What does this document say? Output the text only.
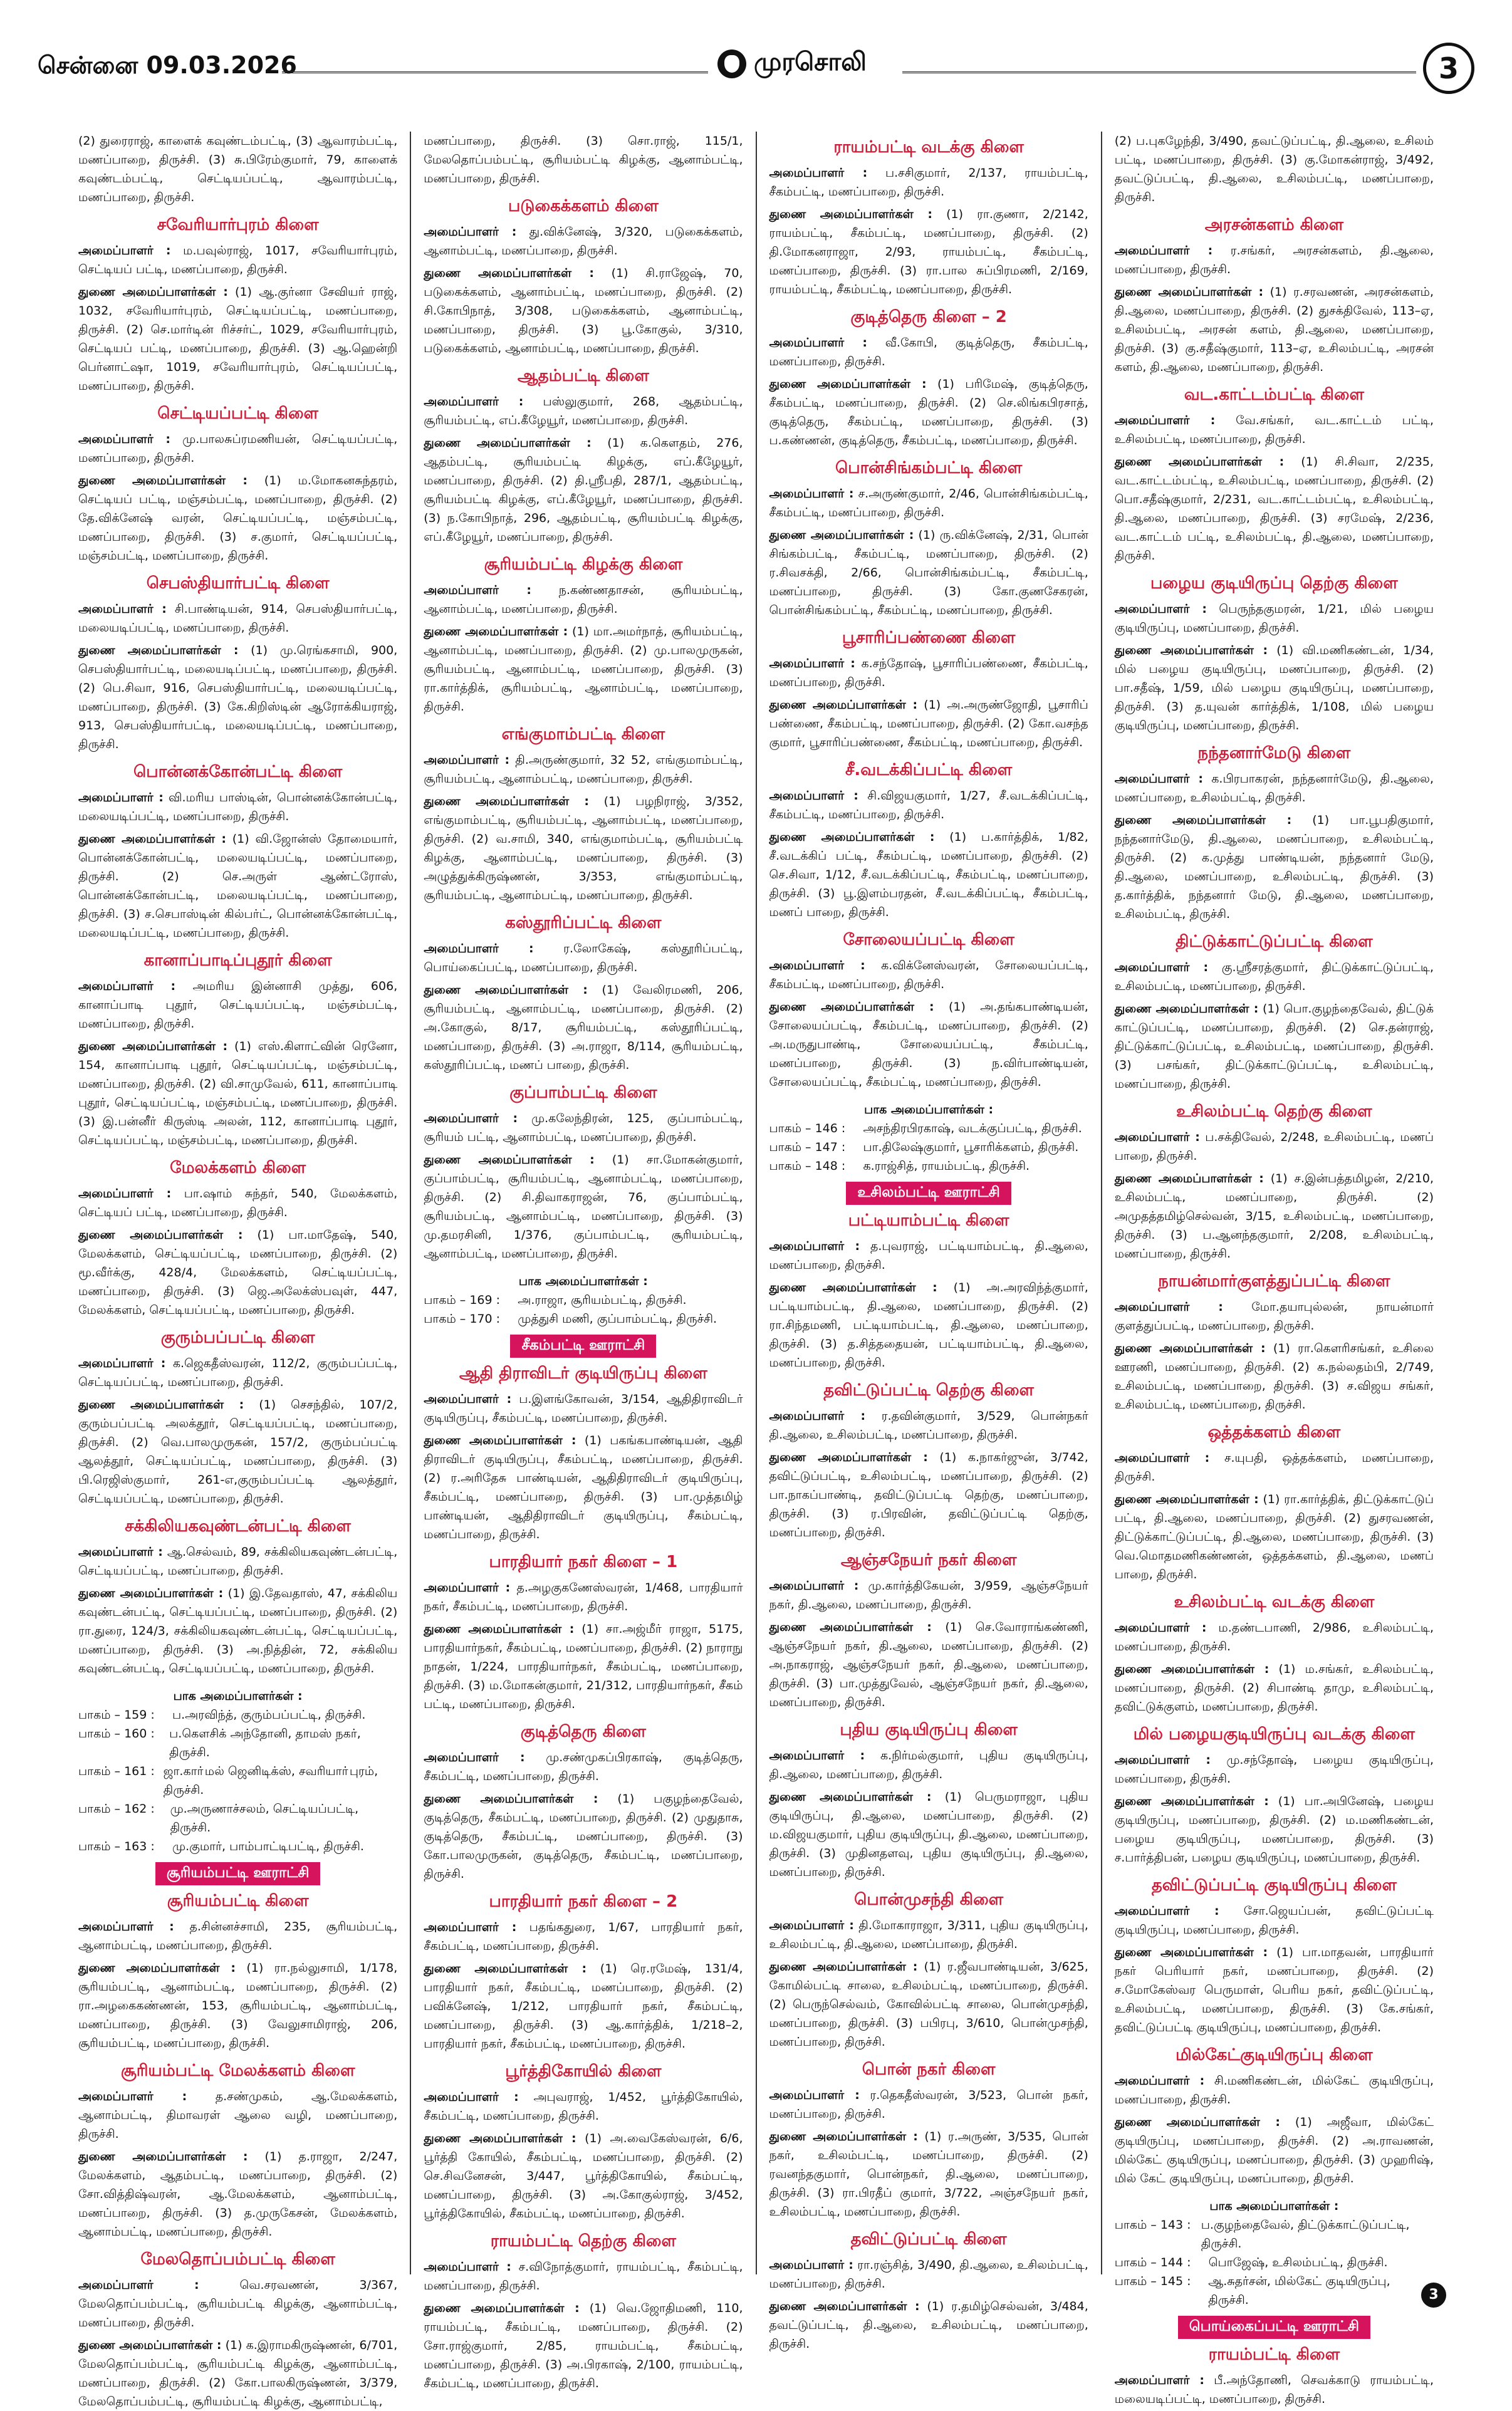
சென்னை 09.03.2026	முரசொலி	3
(2) துரைராஜ், காளைக் கவுண்டம்பட்டி, (3) ஆவாரம்பட்டி, மணப்பாறை, திருச்சி. (3) சு.பிரேம்குமார், 79, காளைக் கவுண்டம்பட்டி, செட்டியப்பட்டி, ஆவாரம்பட்டி, மணப்பாறை, திருச்சி.
சவேரியார்புரம் கிளை
அமைப்பாளர் : ம.பவுல்ராஜ், 1017, சவேரியார்புரம், செட்டியப் பட்டி, மணப்பாறை, திருச்சி.
துணை அமைப்பாளர்கள் : (1) ஆ.குர்னா சேவியர் ராஜ், 1032, சவேரியார்புரம், செட்டியப்பட்டி, மணப்பாறை, திருச்சி. (2) செ.மார்டின் ரிச்சர்ட், 1029, சவேரியார்புரம், செட்டியப் பட்டி, மணப்பாறை, திருச்சி. (3) ஆ.ஹென்றி பெர்னாட்ஷா, 1019, சவேரியார்புரம், செட்டியப்பட்டி, மணப்பாறை, திருச்சி.
செட்டியப்பட்டி கிளை
அமைப்பாளர் : மு.பாலசுப்ரமணியன், செட்டியப்பட்டி, மணப்பாறை, திருச்சி.
துணை அமைப்பாளர்கள் : (1) ம.மோகனசுந்தரம், செட்டியப் பட்டி, மஞ்சம்பட்டி, மணப்பாறை, திருச்சி. (2) தே.விக்னேஷ் வரன், செட்டியப்பட்டி, மஞ்சம்பட்டி, மணப்பாறை, திருச்சி. (3) ச.குமார், செட்டியப்பட்டி, மஞ்சம்பட்டி, மணப்பாறை, திருச்சி.
செபஸ்தியார்பட்டி கிளை
அமைப்பாளர் : சி.பாண்டியன், 914, செபஸ்தியார்பட்டி, மலையடிப்பட்டி, மணப்பாறை, திருச்சி.
துணை அமைப்பாளர்கள் : (1) மு.ரெங்கசாமி, 900, செபஸ்தியார்பட்டி, மலையடிப்பட்டி, மணப்பாறை, திருச்சி. (2) பெ.சிவா, 916, செபஸ்தியார்பட்டி, மலையடிப்பட்டி, மணப்பாறை, திருச்சி. (3) கே.கிறிஸ்டின் ஆரோக்கியராஜ், 913, செபஸ்தியார்பட்டி, மலையடிப்பட்டி, மணப்பாறை, திருச்சி.
பொன்னக்கோன்பட்டி கிளை
அமைப்பாளர் : வி.மரிய பாஸ்டின், பொன்னக்கோன்பட்டி, மலையடிப்பட்டி, மணப்பாறை, திருச்சி.
துணை அமைப்பாளர்கள் : (1) வி.ஜோன்ஸ் தோமையார், பொன்னக்கோன்பட்டி, மலையடிப்பட்டி, மணப்பாறை, திருச்சி. (2) செ.அருள் ஆண்ட்ரோஸ், பொன்னக்கோன்பட்டி, மலையடிப்பட்டி, மணப்பாறை, திருச்சி. (3) ச.செபாஸ்டின் கில்பர்ட், பொன்னக்கோன்பட்டி, மலையடிப்பட்டி, மணப்பாறை, திருச்சி.
கானாப்பாடிப்புதூர் கிளை
அமைப்பாளர் : அமரிய இன்னாசி முத்து, 606, கானாப்பாடி புதூர், செட்டியப்பட்டி, மஞ்சம்பட்டி, மணப்பாறை, திருச்சி.
துணை அமைப்பாளர்கள் : (1) எஸ்.கிளாட்வின் ரெனோ, 154, கானாப்பாடி புதூர், செட்டியப்பட்டி, மஞ்சம்பட்டி, மணப்பாறை, திருச்சி. (2) வி.சாமுவேல், 611, கானாப்பாடி புதூர், செட்டியப்பட்டி, மஞ்சம்பட்டி, மணப்பாறை, திருச்சி. (3) இ.பன்னீர் கிருஸ்டி அலன், 112, கானாப்பாடி புதூர், செட்டியப்பட்டி, மஞ்சம்பட்டி, மணப்பாறை, திருச்சி.
மேலக்களம் கிளை
அமைப்பாளர் : பா.ஷாம் சுந்தர், 540, மேலக்களம், செட்டியப் பட்டி, மணப்பாறை, திருச்சி.
துணை அமைப்பாளர்கள் : (1) பா.மாதேஷ், 540, மேலக்களம், செட்டியப்பட்டி, மணப்பாறை, திருச்சி. (2) மூ.வீர்க்கு, 428/4, மேலக்களம், செட்டியப்பட்டி, மணப்பாறை, திருச்சி. (3) ஜெ.அலேக்ஸ்பவுள், 447, மேலக்களம், செட்டியப்பட்டி, மணப்பாறை, திருச்சி.
குரும்பப்பட்டி கிளை
அமைப்பாளர் : க.ஜெகதீஸ்வரன், 112/2, குரும்பப்பட்டி, செட்டியப்பட்டி, மணப்பாறை, திருச்சி.
துணை அமைப்பாளர்கள் : (1) செசந்தில், 107/2, குரும்பப்பட்டி அலக்தூர், செட்டியப்பட்டி, மணப்பாறை, திருச்சி. (2) வெ.பாலமுருகன், 157/2, குரும்பப்பட்டி ஆலத்தூர், செட்டியப்பட்டி, மணப்பாறை, திருச்சி. (3) பி.ரெஜிஸ்குமார், 261-எ,குரும்பப்பட்டி ஆலத்தூர், செட்டியப்பட்டி, மணப்பாறை, திருச்சி.
சக்கிலியகவுண்டன்பட்டி கிளை
அமைப்பாளர் : ஆ.செல்வம், 89, சக்கிலியகவுண்டன்பட்டி, செட்டியப்பட்டி, மணப்பாறை, திருச்சி.
துணை அமைப்பாளர்கள் : (1) இ.தேவதாஸ், 47, சக்கிலிய கவுண்டன்பட்டி, செட்டியப்பட்டி, மணப்பாறை, திருச்சி. (2) ரா.துரை, 124/3, சக்கிலியகவுண்டன்பட்டி, செட்டியப்பட்டி, மணப்பாறை, திருச்சி. (3) அ.நித்தின், 72, சக்கிலிய கவுண்டன்பட்டி, செட்டியப்பட்டி, மணப்பாறை, திருச்சி.
பாக அமைப்பாளர்கள் :
பாகம் – 159 :	ப.அரவிந்த், குரும்பப்பட்டி, திருச்சி.
பாகம் – 160 :	ப.கௌசிக் அந்தோனி, தாமஸ் நகர், திருச்சி.
பாகம் – 161 : ஜா.காா்மல் ஜெனிடிக்ஸ், சவரியாா்புரம், திருச்சி.
பாகம் – 162 :	மு.அருணாச்சலம், செட்டியப்பட்டி, திருச்சி.
பாகம் – 163 :	மு.குமார், பாம்பாட்டிபட்டி, திருச்சி.
சூரியம்பட்டி ஊராட்சி
சூரியம்பட்டி கிளை
அமைப்பாளர் : த.சின்னச்சாமி, 235, சூரியம்பட்டி, ஆனாம்பட்டி, மணப்பாறை, திருச்சி.
துணை அமைப்பாளர்கள் : (1) ரா.நல்லுசாமி, 1/178, சூரியம்பட்டி, ஆனாம்பட்டி, மணப்பாறை, திருச்சி. (2) ரா.அழகைகண்ணன், 153, சூரியம்பட்டி, ஆனாம்பட்டி, மணப்பாறை, திருச்சி. (3) வேலுசாமிராஜ், 206, சூரியம்பட்டி, மணப்பாறை, திருச்சி.
சூரியம்பட்டி மேலக்களம் கிளை
அமைப்பாளர் : த.சண்முகம், ஆ.மேலக்களம், ஆனாம்பட்டி, திமாவரள் ஆலை வழி, மணப்பாறை, திருச்சி.
துணை அமைப்பாளர்கள் : (1) த.ராஜா, 2/247, மேலக்களம், ஆதம்பட்டி, மணப்பாறை, திருச்சி. (2) சோ.வித்திஷ்வரன், ஆ.மேலக்களம், ஆனாம்பட்டி, மணப்பாறை, திருச்சி. (3) த.முருகேசன், மேலக்களம், ஆனாம்பட்டி, மணப்பாறை, திருச்சி.
மேலதொப்பம்பட்டி கிளை
அமைப்பாளர் : வெ.சரவணன், 3/367, மேலதொப்பம்பட்டி, சூரியம்பட்டி கிழக்கு, ஆனாம்பட்டி, மணப்பாறை, திருச்சி.
துணை அமைப்பாளர்கள் : (1) க.இராமகிருஷ்ணன், 6/701, மேலதொப்பம்பட்டி, சூரியம்பட்டி கிழக்கு, ஆனாம்பட்டி, மணப்பாறை, திருச்சி. (2) கோ.பாலகிருஷ்ணன், 3/379, மேலதொப்பம்பட்டி, சூரியம்பட்டி கிழக்கு, ஆனாம்பட்டி,
மணப்பாறை, திருச்சி. (3) சொ.ராஜ், 115/1, மேலதொப்பம்பட்டி, சூரியம்பட்டி கிழக்கு, ஆனாம்பட்டி, மணப்பாறை, திருச்சி.
படுகைக்களம் கிளை
அமைப்பாளர் : து.விக்னேஷ், 3/320, படுகைக்களம், ஆனாம்பட்டி, மணப்பாறை, திருச்சி.
துணை அமைப்பாளர்கள் : (1) சி.ராஜேஷ், 70, படுகைக்களம், ஆனாம்பட்டி, மணப்பாறை, திருச்சி. (2) சி.கோபிநாத், 3/308, படுகைக்களம், ஆனாம்பட்டி, மணப்பாறை, திருச்சி. (3) பூ.கோகுல், 3/310, படுகைக்களம், ஆனாம்பட்டி, மணப்பாறை, திருச்சி.
ஆதம்பட்டி கிளை
அமைப்பாளர் : பஸ்லுகுமார், 268, ஆதம்பட்டி, சூரியம்பட்டி, எப்.கீழேயூர், மணப்பாறை, திருச்சி.
துணை அமைப்பாளர்கள் : (1) க.கௌதம், 276, ஆதம்பட்டி, சூரியம்பட்டி கிழக்கு, எப்.கீழேயூர், மணப்பாறை, திருச்சி. (2) தி.ஸ்ரீபதி, 287/1, ஆதம்பட்டி, சூரியம்பட்டி கிழக்கு, எப்.கீழேயூர், மணப்பாறை, திருச்சி. (3) ந.கோபிநாத், 296, ஆதம்பட்டி, சூரியம்பட்டி கிழக்கு, எப்.கீழேயூர், மணப்பாறை, திருச்சி.
சூரியம்பட்டி கிழக்கு கிளை
அமைப்பாளர் : ந.கண்ணதாசன், சூரியம்பட்டி, ஆனாம்பட்டி, மணப்பாறை, திருச்சி.
துணை அமைப்பாளர்கள் : (1) மா.அமர்நாத், சூரியம்பட்டி, ஆனாம்பட்டி, மணப்பாறை, திருச்சி. (2) மு.பாலமுருகன், சூரியம்பட்டி, ஆனாம்பட்டி, மணப்பாறை, திருச்சி. (3) ரா.கார்த்திக், சூரியம்பட்டி, ஆனாம்பட்டி, மணப்பாறை, திருச்சி.
எங்குமாம்பட்டி கிளை
அமைப்பாளர் : தி.அருண்குமார், 32 52, எங்குமாம்பட்டி, சூரியம்பட்டி, ஆனாம்பட்டி, மணப்பாறை, திருச்சி.
துணை அமைப்பாளர்கள் : (1) பழநிராஜ், 3/352, எங்குமாம்பட்டி, சூரியம்பட்டி, ஆனாம்பட்டி, மணப்பாறை, திருச்சி. (2) வ.சாமி, 340, எங்குமாம்பட்டி, சூரியம்பட்டி கிழக்கு, ஆனாம்பட்டி, மணப்பாறை, திருச்சி. (3) அழுத்துக்கிருஷ்ணன், 3/353, எங்குமாம்பட்டி, சூரியம்பட்டி, ஆனாம்பட்டி, மணப்பாறை, திருச்சி.
கஸ்தூரிப்பட்டி கிளை
அமைப்பாளர் : ர.லோகேஷ், கஸ்தூரிப்பட்டி, பொய்கைப்பட்டி, மணப்பாறை, திருச்சி.
துணை அமைப்பாளர்கள் : (1) வேலிரமணி, 206, சூரியம்பட்டி, ஆனாம்பட்டி, மணப்பாறை, திருச்சி. (2) அ.கோகுல், 8/17, சூரியம்பட்டி, கஸ்தூரிப்பட்டி, மணப்பாறை, திருச்சி. (3) அ.ராஜா, 8/114, சூரியம்பட்டி, கஸ்தூரிப்பட்டி, மணப் பாறை, திருச்சி.
குப்பாம்பட்டி கிளை
அமைப்பாளர் : மு.கலேந்திரன், 125, குப்பாம்பட்டி, சூரியம் பட்டி, ஆனாம்பட்டி, மணப்பாறை, திருச்சி.
துணை அமைப்பாளர்கள் : (1) சா.மோகன்குமார், குப்பாம்பட்டி, சூரியம்பட்டி, ஆனாம்பட்டி, மணப்பாறை, திருச்சி. (2) சி.திவாகராஜன், 76, குப்பாம்பட்டி, சூரியம்பட்டி, ஆனாம்பட்டி, மணப்பாறை, திருச்சி. (3) மு.தமரசினி, 1/376, குப்பாம்பட்டி, சூரியம்பட்டி, ஆனாம்பட்டி, மணப்பாறை, திருச்சி.
பாக அமைப்பாளர்கள் :
பாகம் – 169 :	அ.ராஜா, சூரியம்பட்டி, திருச்சி.
பாகம் – 170 :	முத்துசி மணி, குப்பாம்பட்டி, திருச்சி.
சீகம்பட்டி ஊராட்சி
ஆதி திராவிடர் குடியிருப்பு கிளை
அமைப்பாளர் : ப.இளங்கோவன், 3/154, ஆதிதிராவிடர் குடியிருப்பு, சீகம்பட்டி, மணப்பாறை, திருச்சி.
துணை அமைப்பாளர்கள் : (1) பகங்கபாண்டியன், ஆதி திராவிடர் குடியிருப்பு, சீகம்பட்டி, மணப்பாறை, திருச்சி. (2) ர.அரிதேசு பாண்டியன், ஆதிதிராவிடர் குடியிருப்பு, சீகம்பட்டி, மணப்பாறை, திருச்சி. (3) பா.முத்தமிழ் பாண்டியன், ஆதிதிராவிடர் குடியிருப்பு, சீகம்பட்டி, மணப்பாறை, திருச்சி.
பாரதியார் நகர் கிளை – 1
அமைப்பாளர் : த.அழகுகணேஸ்வரன், 1/468, பாரதியார் நகர், சீகம்பட்டி, மணப்பாறை, திருச்சி.
துணை அமைப்பாளர்கள் : (1) சா.அஜ்மீர் ராஜா, 5175, பாரதியார்நகர், சீகம்பட்டி, மணப்பாறை, திருச்சி. (2) நாராநு நாதன், 1/224, பாரதியார்நகர், சீகம்பட்டி, மணப்பாறை, திருச்சி. (3) ம.மோகன்குமார், 21/312, பாரதியார்நகர், சீகம் பட்டி, மணப்பாறை, திருச்சி.
குடித்தெரு கிளை
அமைப்பாளர் : மு.சண்முகப்பிரகாஷ், குடித்தெரு, சீகம்பட்டி, மணப்பாறை, திருச்சி.
துணை அமைப்பாளர்கள் : (1) பகுழந்தைவேல், குடித்தெரு, சீகம்பட்டி, மணப்பாறை, திருச்சி. (2) முதுதாசு, குடித்தெரு, சீகம்பட்டி, மணப்பாறை, திருச்சி. (3) கோ.பாலமுருகன், குடித்தெரு, சீகம்பட்டி, மணப்பாறை, திருச்சி.
பாரதியார் நகர் கிளை – 2
அமைப்பாளர் : பதங்கதுரை, 1/67, பாரதியார் நகர், சீகம்பட்டி, மணப்பாறை, திருச்சி.
துணை அமைப்பாளர்கள் : (1) ரெ.ரமேஷ், 131/4, பாரதியார் நகர், சீகம்பட்டி, மணப்பாறை, திருச்சி. (2) பவிக்னேஷ், 1/212, பாரதியார் நகர், சீகம்பட்டி, மணப்பாறை, திருச்சி. (3) ஆ.கார்த்திக், 1/218–2, பாரதியார் நகர், சீகம்பட்டி, மணப்பாறை, திருச்சி.
பூர்த்திகோயில் கிளை
அமைப்பாளர் : அபுவராஜ், 1/452, பூர்த்திகோயில், சீகம்பட்டி, மணப்பாறை, திருச்சி.
துணை அமைப்பாளர்கள் : (1) அ.வைகேஸ்வரன், 6/6, பூர்த்தி கோயில், சீகம்பட்டி, மணப்பாறை, திருச்சி. (2) செ.சிவனேசன், 3/447, பூர்த்திகோயில், சீகம்பட்டி, மணப்பாறை, திருச்சி. (3) அ.கோகுல்ராஜ், 3/452, பூர்த்திகோயில், சீகம்பட்டி, மணப்பாறை, திருச்சி.
ராயம்பட்டி தெற்கு கிளை
அமைப்பாளர் : ச.விநோத்குமார், ராயம்பட்டி, சீகம்பட்டி, மணப்பாறை, திருச்சி.
துணை அமைப்பாளர்கள் : (1) வெ.ஜோதிமணி, 110, ராயம்பட்டி, சீகம்பட்டி, மணப்பாறை, திருச்சி. (2) சோ.ராஜ்குமார், 2/85, ராயம்பட்டி, சீகம்பட்டி, மணப்பாறை, திருச்சி. (3) அ.பிரகாஷ், 2/100, ராயம்பட்டி, சீகம்பட்டி, மணப்பாறை, திருச்சி.
ராயம்பட்டி வடக்கு கிளை
அமைப்பாளர் : ப.சசிகுமார், 2/137, ராயம்பட்டி, சீகம்பட்டி, மணப்பாறை, திருச்சி.
துணை அமைப்பாளர்கள் : (1) ரா.குணா, 2/2142, ராயம்பட்டி, சீகம்பட்டி, மணப்பாறை, திருச்சி. (2) தி.மோகனராஜா, 2/93, ராயம்பட்டி, சீகம்பட்டி, மணப்பாறை, திருச்சி. (3) ரா.பால சுப்பிரமணி, 2/169, ராயம்பட்டி, சீகம்பட்டி, மணப்பாறை, திருச்சி.
குடித்தெரு கிளை – 2
அமைப்பாளர் : வீ.கோபி, குடித்தெரு, சீகம்பட்டி, மணப்பாறை, திருச்சி.
துணை அமைப்பாளர்கள் : (1) பரிமேஷ், குடித்தெரு, சீகம்பட்டி, மணப்பாறை, திருச்சி. (2) செ.லிங்கபிரசாத், குடித்தெரு, சீகம்பட்டி, மணப்பாறை, திருச்சி. (3) ப.கண்ணன், குடித்தெரு, சீகம்பட்டி, மணப்பாறை, திருச்சி.
பொன்சிங்கம்பட்டி கிளை
அமைப்பாளர் : ச.அருண்குமார், 2/46, பொன்சிங்கம்பட்டி, சீகம்பட்டி, மணப்பாறை, திருச்சி.
துணை அமைப்பாளர்கள் : (1) ரு.விக்னேஷ், 2/31, பொன் சிங்கம்பட்டி, சீகம்பட்டி, மணப்பாறை, திருச்சி. (2) ர.சிவசக்தி, 2/66, பொன்சிங்கம்பட்டி, சீகம்பட்டி, மணப்பாறை, திருச்சி. (3) கோ.குணசேகரன், பொன்சிங்கம்பட்டி, சீகம்பட்டி, மணப்பாறை, திருச்சி.
பூசாரிப்பண்ணை கிளை
அமைப்பாளர் : க.சந்தோஷ், பூசாரிப்பண்ணை, சீகம்பட்டி, மணப்பாறை, திருச்சி.
துணை அமைப்பாளர்கள் : (1) அ.அருண்ஜோதி, பூசாரிப் பண்ணை, சீகம்பட்டி, மணப்பாறை, திருச்சி. (2) கோ.வசந்த குமார், பூசாரிப்பண்ணை, சீகம்பட்டி, மணப்பாறை, திருச்சி.
சீ.வடக்கிப்பட்டி கிளை
அமைப்பாளர் : சி.விஜயகுமார், 1/27, சீ.வடக்கிப்பட்டி, சீகம்பட்டி, மணப்பாறை, திருச்சி.
துணை அமைப்பாளர்கள் : (1) ப.கார்த்திக், 1/82, சீ.வடக்கிப் பட்டி, சீகம்பட்டி, மணப்பாறை, திருச்சி. (2) செ.சிவா, 1/12, சீ.வடக்கிப்பட்டி, சீகம்பட்டி, மணப்பாறை, திருச்சி. (3) பூ.இளம்பரதன், சீ.வடக்கிப்பட்டி, சீகம்பட்டி, மணப் பாறை, திருச்சி.
சோலையப்பட்டி கிளை
அமைப்பாளர் : க.விக்னேஸ்வரன், சோலையப்பட்டி, சீகம்பட்டி, மணப்பாறை, திருச்சி.
துணை அமைப்பாளர்கள் : (1) அ.தங்கபாண்டியன், சோலையப்பட்டி, சீகம்பட்டி, மணப்பாறை, திருச்சி. (2) அ.மருதுபாண்டி, சோலையப்பட்டி, சீகம்பட்டி, மணப்பாறை, திருச்சி. (3) ந.விர்பாண்டியன், சோலையப்பட்டி, சீகம்பட்டி, மணப்பாறை, திருச்சி.
பாக அமைப்பாளர்கள் :
பாகம் – 146 :	அசந்திரபிரகாஷ், வடக்குப்பட்டி, திருச்சி.
பாகம் – 147 :	பா.திலேஷ்குமார், பூசாரிக்களம், திருச்சி.
பாகம் – 148 :	க.ராஜ்சித், ராயம்பட்டி, திருச்சி.
உசிலம்பட்டி ஊராட்சி
பட்டியாம்பட்டி கிளை
அமைப்பாளர் : த.புவராஜ், பட்டியாம்பட்டி, தி.ஆலை, மணப்பாறை, திருச்சி.
துணை அமைப்பாளர்கள் : (1) அ.அரவிந்த்குமார், பட்டியாம்பட்டி, தி.ஆலை, மணப்பாறை, திருச்சி. (2) ரா.சிந்தமணி, பட்டியாம்பட்டி, தி.ஆலை, மணப்பாறை, திருச்சி. (3) த.சித்ததையன், பட்டியாம்பட்டி, தி.ஆலை, மணப்பாறை, திருச்சி.
தவிட்டுப்பட்டி தெற்கு கிளை
அமைப்பாளர் : ர.தவின்குமார், 3/529, பொன்நகர் தி.ஆலை, உசிலம்பட்டி, மணப்பாறை, திருச்சி.
துணை அமைப்பாளர்கள் : (1) க.நாகர்ஜுன், 3/742, தவிட்டுப்பட்டி, உசிலம்பட்டி, மணப்பாறை, திருச்சி. (2) பா.நாகப்பாண்டி, தவிட்டுப்பட்டி தெற்கு, மணப்பாறை, திருச்சி. (3) ர.பிரவின், தவிட்டுப்பட்டி தெற்கு, மணப்பாறை, திருச்சி.
ஆஞ்சநேயர் நகர் கிளை
அமைப்பாளர் : மு.கார்த்திகேயன், 3/959, ஆஞ்சநேயர் நகர், தி.ஆலை, மணப்பாறை, திருச்சி.
துணை அமைப்பாளர்கள் : (1) செ.வோராங்கண்ணி, ஆஞ்சநேயர் நகர், தி.ஆலை, மணப்பாறை, திருச்சி. (2) அ.நாகராஜ், ஆஞ்சநேயர் நகர், தி.ஆலை, மணப்பாறை, திருச்சி. (3) பா.முத்துவேல், ஆஞ்சநேயர் நகர், தி.ஆலை, மணப்பாறை, திருச்சி.
புதிய குடியிருப்பு கிளை
அமைப்பாளர் : க.நிர்மல்குமார், புதிய குடியிருப்பு, தி.ஆலை, மணப்பாறை, திருச்சி.
துணை அமைப்பாளர்கள் : (1) பெருமராஜா, புதிய குடியிருப்பு, தி.ஆலை, மணப்பாறை, திருச்சி. (2) ம.விஜயகுமார், புதிய குடியிருப்பு, தி.ஆலை, மணப்பாறை, திருச்சி. (3) முதினதளவு, புதிய குடியிருப்பு, தி.ஆலை, மணப்பாறை, திருச்சி.
பொன்முசந்தி கிளை
அமைப்பாளர் : தி.மோகாராஜா, 3/311, புதிய குடியிருப்பு, உசிலம்பட்டி, தி.ஆலை, மணப்பாறை, திருச்சி.
துணை அமைப்பாளர்கள் : (1) ர.ஜீவபாண்டியன், 3/625, கோமில்பட்டி சாலை, உசிலம்பட்டி, மணப்பாறை, திருச்சி. (2) பெருந்செல்வம், கோவில்பட்டி சாலை, பொன்முசந்தி, மணப்பாறை, திருச்சி. (3) பபிரபு, 3/610, பொன்முசந்தி, மணப்பாறை, திருச்சி.
பொன் நகர் கிளை
அமைப்பாளர் : ர.தெகதீஸ்வரன், 3/523, பொன் நகர், மணப்பாறை, திருச்சி.
துணை அமைப்பாளர்கள் : (1) ர.அருண், 3/535, பொன் நகர், உசிலம்பட்டி, மணப்பாறை, திருச்சி. (2) ரவனந்தகுமார், பொன்நகர், தி.ஆலை, மணப்பாறை, திருச்சி. (3) ரா.பிரதீப் குமார், 3/722, அஞ்சநேயர் நகர், உசிலம்பட்டி, மணப்பாறை, திருச்சி.
தவிட்டுப்பட்டி கிளை
அமைப்பாளர் : ரா.ரஞ்சித், 3/490, தி.ஆலை, உசிலம்பட்டி, மணப்பாறை, திருச்சி.
துணை அமைப்பாளர்கள் : (1) ர.தமிழ்செல்வன், 3/484, தவட்டுப்பட்டி, தி.ஆலை, உசிலம்பட்டி, மணப்பாறை, திருச்சி.
(2) ப.புகழேந்தி, 3/490, தவட்டுப்பட்டி, தி.ஆலை, உசிலம் பட்டி, மணப்பாறை, திருச்சி. (3) கு.மோகன்ராஜ், 3/492, தவட்டுப்பட்டி, தி.ஆலை, உசிலம்பட்டி, மணப்பாறை, திருச்சி.
அரசன்களம் கிளை
அமைப்பாளர் : ர.சங்கர், அரசன்களம், தி.ஆலை, மணப்பாறை, திருச்சி.
துணை அமைப்பாளர்கள் : (1) ர.சரவணன், அரசன்களம், தி.ஆலை, மணப்பாறை, திருச்சி. (2) துசக்திவேல், 113–ஏ, உசிலம்பட்டி, அரசன் களம், தி.ஆலை, மணப்பாறை, திருச்சி. (3) கு.சதீஷ்குமார், 113–ஏ, உசிலம்பட்டி, அரசன் களம், தி.ஆலை, மணப்பாறை, திருச்சி.
வட.காட்டம்பட்டி கிளை
அமைப்பாளர் : வே.சங்கர், வட.காட்டம் பட்டி, உசிலம்பட்டி, மணப்பாறை, திருச்சி.
துணை அமைப்பாளர்கள் : (1) சி.சிவா, 2/235, வட.காட்டம்பட்டி, உசிலம்பட்டி, மணப்பாறை, திருச்சி. (2) பொ.சதீஷ்குமார், 2/231, வட.காட்டம்பட்டி, உசிலம்பட்டி, தி.ஆலை, மணப்பாறை, திருச்சி. (3) சரமேஷ், 2/236, வட.காட்டம் பட்டி, உசிலம்பட்டி, தி.ஆலை, மணப்பாறை, திருச்சி.
பழைய குடியிருப்பு தெற்கு கிளை
அமைப்பாளர் : பெருந்தகுமரன், 1/21, மில் பழைய குடியிருப்பு, மணப்பாறை, திருச்சி.
துணை அமைப்பாளர்கள் : (1) வி.மணிகண்டன், 1/34, மில் பழைய குடியிருப்பு, மணப்பாறை, திருச்சி. (2) பா.சதீஷ், 1/59, மில் பழைய குடியிருப்பு, மணப்பாறை, திருச்சி. (3) த.யுவன் கார்த்திக், 1/108, மில் பழைய குடியிருப்பு, மணப்பாறை, திருச்சி.
நந்தனார்மேடு கிளை
அமைப்பாளர் : க.பிரபாகரன், நந்தனார்மேடு, தி.ஆலை, மணப்பாறை, உசிலம்பட்டி, திருச்சி.
துணை அமைப்பாளர்கள் : (1) பா.பூபதிகுமார், நந்தனார்மேடு, தி.ஆலை, மணப்பாறை, உசிலம்பட்டி, திருச்சி. (2) க.முத்து பாண்டியன், நந்தனார் மேடு, தி.ஆலை, மணப்பாறை, உசிலம்பட்டி, திருச்சி. (3) த.கார்த்திக், நந்தனார் மேடு, தி.ஆலை, மணப்பாறை, உசிலம்பட்டி, திருச்சி.
திட்டுக்காட்டுப்பட்டி கிளை
அமைப்பாளர் : கு.ஸ்ரீசரத்குமார், திட்டுக்காட்டுப்பட்டி, உசிலம்பட்டி, மணப்பாறை, திருச்சி.
துணை அமைப்பாளர்கள் : (1) பொ.குழந்தைவேல், திட்டுக் காட்டுப்பட்டி, மணப்பாறை, திருச்சி. (2) செ.தன்ராஜ், திட்டுக்காட்டுப்பட்டி, உசிலம்பட்டி, மணப்பாறை, திருச்சி. (3) பசங்கர், திட்டுக்காட்டுப்பட்டி, உசிலம்பட்டி, மணப்பாறை, திருச்சி.
உசிலம்பட்டி தெற்கு கிளை
அமைப்பாளர் : ப.சக்திவேல், 2/248, உசிலம்பட்டி, மணப் பாறை, திருச்சி.
துணை அமைப்பாளர்கள் : (1) ச.இன்பத்தமிழன், 2/210, உசிலம்பட்டி, மணப்பாறை, திருச்சி. (2) அமுதத்தமிழ்செல்வன், 3/15, உசிலம்பட்டி, மணப்பாறை, திருச்சி. (3) ப.ஆனந்தகுமார், 2/208, உசிலம்பட்டி, மணப்பாறை, திருச்சி.
நாயன்மார்குளத்துப்பட்டி கிளை
அமைப்பாளர் : மோ.தயாபுல்லன், நாயன்மார் குளத்துப்பட்டி, மணப்பாறை, திருச்சி.
துணை அமைப்பாளர்கள் : (1) ரா.கௌரிசங்கர், உசிலை ஊரணி, மணப்பாறை, திருச்சி. (2) க.நல்லதம்பி, 2/749, உசிலம்பட்டி, மணப்பாறை, திருச்சி. (3) ச.விஜய சங்கர், உசிலம்பட்டி, மணப்பாறை, திருச்சி.
ஒத்தக்களம் கிளை
அமைப்பாளர் : ச.யுபதி, ஒத்தக்களம், மணப்பாறை, திருச்சி.
துணை அமைப்பாளர்கள் : (1) ரா.கார்த்திக், திட்டுக்காட்டுப் பட்டி, தி.ஆலை, மணப்பாறை, திருச்சி. (2) துசரவணன், திட்டுக்காட்டுப்பட்டி, தி.ஆலை, மணப்பாறை, திருச்சி. (3) வெ.மொதமணிகண்ணன், ஒத்தக்களம், தி.ஆலை, மணப் பாறை, திருச்சி.
உசிலம்பட்டி வடக்கு கிளை
அமைப்பாளர் : ம.தண்டபாணி, 2/986, உசிலம்பட்டி, மணப்பாறை, திருச்சி.
துணை அமைப்பாளர்கள் : (1) ம.சங்கர், உசிலம்பட்டி, மணப்பாறை, திருச்சி. (2) சிபாண்டி தாமு, உசிலம்பட்டி, தவிட்டுக்குளம், மணப்பாறை, திருச்சி.
மில் பழையகுடியிருப்பு வடக்கு கிளை
அமைப்பாளர் : மு.சந்தோஷ், பழைய குடியிருப்பு, மணப்பாறை, திருச்சி.
துணை அமைப்பாளர்கள் : (1) பா.அபினேஷ், பழைய குடியிருப்பு, மணப்பாறை, திருச்சி. (2) ம.மணிகண்டன், பழைய குடியிருப்பு, மணப்பாறை, திருச்சி. (3) ச.பார்த்திபன், பழைய குடியிருப்பு, மணப்பாறை, திருச்சி.
தவிட்டுப்பட்டி குடியிருப்பு கிளை
அமைப்பாளர் : சோ.ஜெயப்பன், தவிட்டுப்பட்டி குடியிருப்பு, மணப்பாறை, திருச்சி.
துணை அமைப்பாளர்கள் : (1) பா.மாதவன், பாரதியார் நகர் பெரியார் நகர், மணப்பாறை, திருச்சி. (2) ச.மோகேஸ்வர பெருமாள், பெரிய நகர், தவிட்டுப்பட்டி, உசிலம்பட்டி, மணப்பாறை, திருச்சி. (3) கே.சங்கர், தவிட்டுப்பட்டி குடியிருப்பு, மணப்பாறை, திருச்சி.
மில்கேட்குடியிருப்பு கிளை
அமைப்பாளர் : சி.மணிகண்டன், மில்கேட் குடியிருப்பு, மணப்பாறை, திருச்சி.
துணை அமைப்பாளர்கள் : (1) அஜீவா, மில்கேட் குடியிருப்பு, மணப்பாறை, திருச்சி. (2) அ.ராவணன், மில்கேட் குடியிருப்பு, மணப்பாறை, திருச்சி. (3) முஹரிஷ், மில் கேட் குடியிருப்பு, மணப்பாறை, திருச்சி.
பாக அமைப்பாளர்கள் :
பாகம் – 143 : ப.குழந்தைவேல், திட்டுக்காட்டுப்பட்டி, திருச்சி.
பாகம் – 144 :	பொஜேஷ், உசிலம்பட்டி, திருச்சி.
பாகம் – 145 :	ஆ.சுதர்சன், மில்கேட் குடியிருப்பு, திருச்சி.
பொய்கைப்பட்டி ஊராட்சி
ராயம்பட்டி கிளை
அமைப்பாளர் : பீ.அந்தோணி, செவக்காடு ராயம்பட்டி, மலையடிப்பட்டி, மணப்பாறை, திருச்சி.
3
